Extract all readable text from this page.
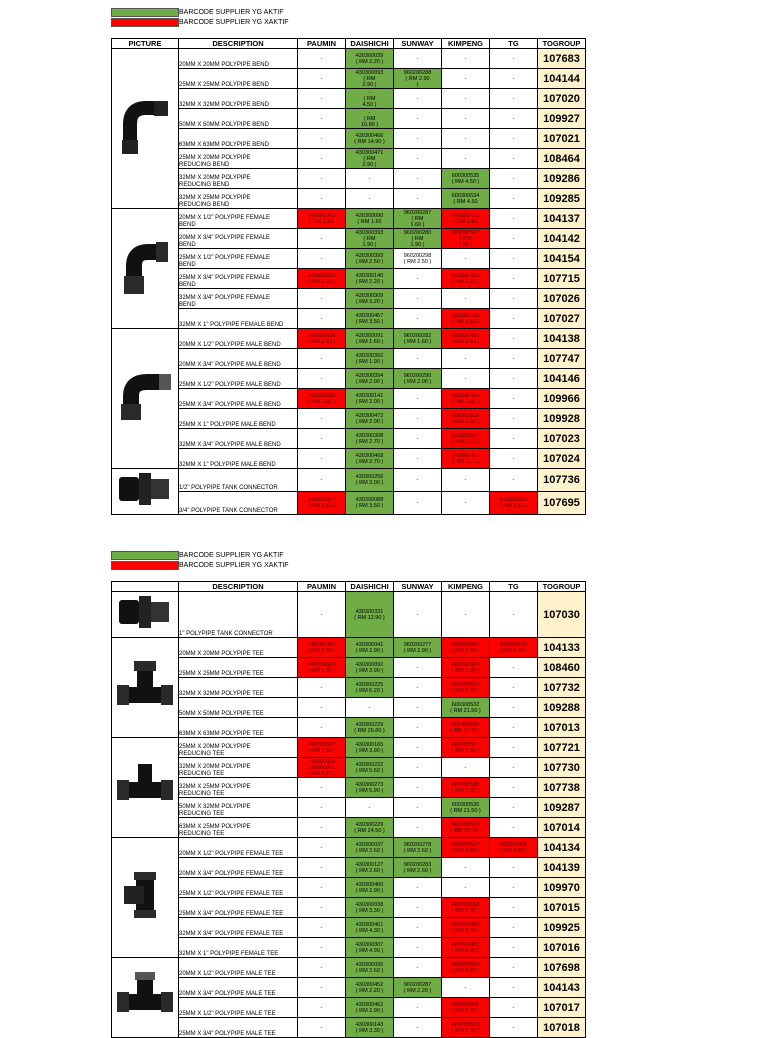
BARCODE SUPPLIER YG AKTIF
BARCODE SUPPLIER YG XAKTIF
PICTURE	DESCRIPTION	PAUMIN	DAISHICHI	SUNWAY	KIMPENG	TG	TOGROUP
	20MM X 20MM POLYPIPE BEND	-	430300039
( RM 2.20 )	-	-	-	107683
	25MM X 25MM POLYPIPE BEND	-	430300093
( RM
2.90 )	960200288
( RM 2.90
)	-	-	104144
	32MM X 32MM POLYPIPE BEND	-	-
( RM
4.50 )	-	-	-	107020
	50MM X 50MM POLYPIPE BEND	-	-
( RM
10.90 )	-	-	-	109927
	63MM X 63MM POLYPIPE BEND	-	430300466
( RM 14.90 )	-	-	-	107021
	25MM X 20MM POLYPIPE
REDUCING BEND	-	430300471
( RM
2.90 )	-	-	-	108464
	32MM X 20MM POLYPIPE
REDUCING BEND	-	-	-	600300535
( RM 4.50 )	-	109286
	32MM X 25MM POLYPIPE
REDUCING BEND	-	-	-	600300534
( RM 4.50	-	109285
	20MM X 1/2" POLYPIPE FEMALE
BEND	140300002
( RM 1.60	430300090
( RM 1.60	960200287
( RM
1.60 )	600300421
( RM 1.60	-	104137
	20MM X 3/4" POLYPIPE FEMALE
BEND	-	430300393
( RM
1.90 )	960200280
( RM
1.90 )	600300327
( RM
1.90 )	-	104142
	25MM X 1/2" POLYPIPE FEMALE
BEND	-	430300393
( RM 2.50 )	960200298
( RM 2.50 )	-	-	104154
	25MM X 3/4" POLYPIPE FEMALE
BEND	140300003
( RM 2.20 )	430300140
( RM 2.20 )	-	600300432
( RM 2.20 )	-	107715
	32MM X 3/4" POLYPIPE FEMALE
BEND	-	430300309
( RM 3.20 )	-	-	-	107026
	32MM X 1" POLYPIPE FEMALE BEND	-	430300457
( RM 3.50 )	-	600300108
( RM 3.50 )	-	107027
	20MM X 1/2" POLYPIPE MALE BEND	140300038
( RM 1.60 )	430300091
( RM 1.60 )	960200282
( RM 1.60 )	600300433
( RM 1.60 )	-	104138
	20MM X 3/4" POLYPIPE MALE BEND	-	430300392
( RM 1.90 )	-	-	-	107747
	25MM X 1/2" POLYPIPE MALE BEND	-	430300394
( RM 2.00 )	960200290
( RM 2.00 )	-	-	104146
	25MM X 3/4" POLYPIPE MALE BEND	140300039
( RM 2.00 )	430300141
( RM 2.00 )	-	600300434
( RM 2.00 )	-	109966
	25MM X 1" POLYPIPE MALE BEND	-	430300472
( RM 2.00 )	-	600300508
( RM 2.00 )	-	109928
	32MM X 3/4" POLYPIPE MALE BEND	-	430300308
( RM 2.70 )	-	600300507
( RM 2.70 )	-	107023
	32MM X 1" POLYPIPE MALE BEND	-	430300468
( RM 2.70 )	-	600300497
( RM 2.70 )	-	107024
	1/2" POLYPIPE TANK CONNECTOR	-	430300256
( RM 3.00 )	-	-	-	107736
	3/4" POLYPIPE TANK CONNECTOR	140300007
( RM 3.50 )	430300088
( RM 3.50 )	-	-	520301003
( RM 3.50 )	107695
BARCODE SUPPLIER YG AKTIF
BARCODE SUPPLIER YG XAKTIF
	DESCRIPTION	PAUMIN	DAISHICHI	SUNWAY	KIMPENG	TG	TOGROUP
	1" POLYPIPE TANK CONNECTOR	-	430300331
( RM 12.90 )	-	-	-	107030
	20MM X 20MM POLYPIPE TEE	140300025
( RM 2.90 )	430300041
( RM 2.90 )	960200277
( RM 2.90 )	600300435
( RM 2.90 )	520300579
( RM 2.90 )	104133
	25MM X 25MM POLYPIPE TEE	140300026
( RM 3.90 )	430300092
( RM 3.90 )	-	600300436
( RM 3.90 )	-	108460
	32MM X 32MM POLYPIPE TEE	-	430300225
( RM 6.20 )	-	600300517
( RM 6.30 )	-	107732
	50MM X 50MM POLYPIPE TEE	-	-	-	600300532
( RM 21.50 )	-	109288
	63MM X 63MM POLYPIPE TEE	-	430300229
( RM 26.80 )	-	600300530
( RM 26.80 )	-	107013
	25MM X 20MM POLYPIPE
REDUCING TEE	140300027
( RM 3.90 )	430300165
( RM 3.90 )	-	600300501
( RM 3.90 )	-	107721
	32MM X 20MM POLYPIPE
REDUCING TEE	140300028
140300041
( RM 5.60 )	430300222
( RM 5.60 )	-	-	-	107730
	32MM X 25MM POLYPIPE
REDUCING TEE	-	430300273
( RM 5.90 )	-	600300528
( RM 5.90 )	-	107738
	50MM X 32MM POLYPIPE
REDUCING TEE	-	-	-	600300530
( RM 21.50 )	-	109287
	63MM X 25MM POLYPIPE
REDUCING TEE	-	430300229
( RM 24.50 )	-	600300529
( RM 24.50 )	-	107014
	20MM X 1/2" POLYPIPE FEMALE TEE	-	430300037
( RM 2.60 )	960200278
( RM 2.60 )	600300517
( RM 2.60 )	520301005
( RM 2.60 )	104134
	20MM X 3/4" POLYPIPE FEMALE TEE	-	430300127
( RM 2.60 )	960200283
( RM 2.60 )	-	-	104139
	25MM X 1/2" POLYPIPE FEMALE TEE	-	430300460
( RM 2.90 )	-	-	-	109970
	25MM X 3/4" POLYPIPE FEMALE TEE	-	430300038
( RM 3.30 )	-	600300518
( RM 3.30 )	-	107015
	32MM X 3/4" POLYPIPE FEMALE TEE	-	430300461
( RM 4.30 )	-	600300485
( RM 4.30 )	-	109925
	32MM X 1" POLYPIPE FEMALE TEE	-	430300307
( RM 4.90 )	-	600300486
( RM 4.90 )	-	107016
	20MM X 1/2" POLYPIPE MALE TEE	-	430300095
( RM 2.60 )	-	600300518
( RM 2.60 )	-	107698
	20MM X 3/4" POLYPIPE MALE TEE	-	430300452
( RM 2.20 )	960200287
( RM 2.20 )	-	-	104143
	25MM X 1/2" POLYPIPE MALE TEE	-	430300462
( RM 2.90 )	-	600300505
( RM 2.90 )	-	107017
	25MM X 3/4" POLYPIPE MALE TEE	-	430300143
( RM 3.30 )	-	600300519
( RM 3.30 )	-	107018
